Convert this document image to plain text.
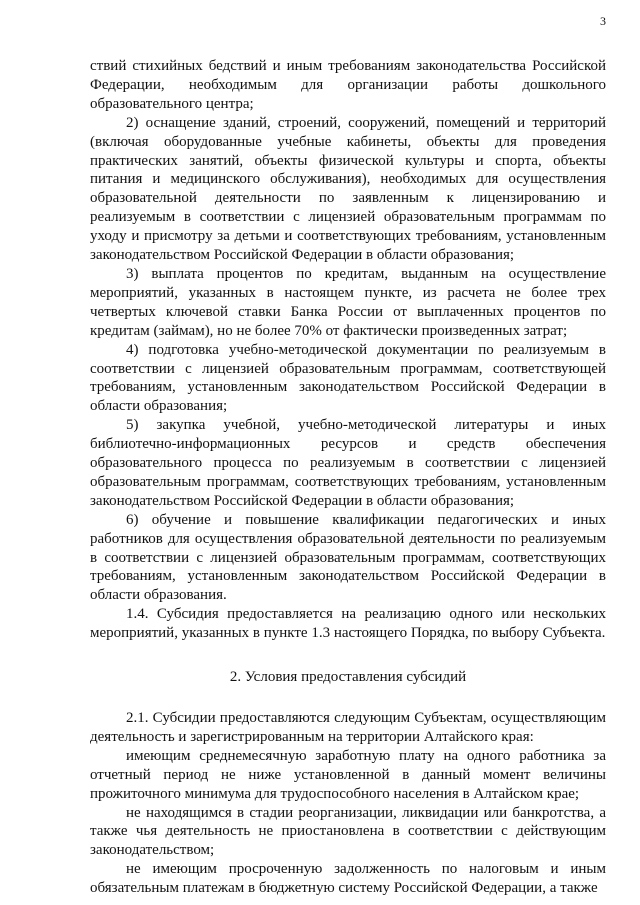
3

ствий стихийных бедствий и иным требованиям законодательства Российской Федерации, необходимым для организации работы дошкольного образовательного центра;

2) оснащение зданий, строений, сооружений, помещений и территорий (включая оборудованные учебные кабинеты, объекты для проведения практических занятий, объекты физической культуры и спорта, объекты питания и медицинского обслуживания), необходимых для осуществления образовательной деятельности по заявленным к лицензированию и реализуемым в соответствии с лицензией образовательным программам по уходу и присмотру за детьми и соответствующих требованиям, установленным законодательством Российской Федерации в области образования;

3) выплата процентов по кредитам, выданным на осуществление мероприятий, указанных в настоящем пункте, из расчета не более трех четвертых ключевой ставки Банка России от выплаченных процентов по кредитам (займам), но не более 70% от фактически произведенных затрат;

4) подготовка учебно-методической документации по реализуемым в соответствии с лицензией образовательным программам, соответствующей требованиям, установленным законодательством Российской Федерации в области образования;

5) закупка учебной, учебно-методической литературы и иных библиотечно-информационных ресурсов и средств обеспечения образовательного процесса по реализуемым в соответствии с лицензией образовательным программам, соответствующих требованиям, установленным законодательством Российской Федерации в области образования;

6) обучение и повышение квалификации педагогических и иных работников для осуществления образовательной деятельности по реализуемым в соответствии с лицензией образовательным программам, соответствующих требованиям, установленным законодательством Российской Федерации в области образования.

1.4. Субсидия предоставляется на реализацию одного или нескольких мероприятий, указанных в пункте 1.3 настоящего Порядка, по выбору Субъекта.

2. Условия предоставления субсидий

2.1. Субсидии предоставляются следующим Субъектам, осуществляющим деятельность и зарегистрированным на территории Алтайского края:

имеющим среднемесячную заработную плату на одного работника за отчетный период не ниже установленной в данный момент величины прожиточного минимума для трудоспособного населения в Алтайском крае;

не находящимся в стадии реорганизации, ликвидации или банкротства, а также чья деятельность не приостановлена в соответствии с действующим законодательством;

не имеющим просроченную задолженность по налоговым и иным обязательным платежам в бюджетную систему Российской Федерации, а также
